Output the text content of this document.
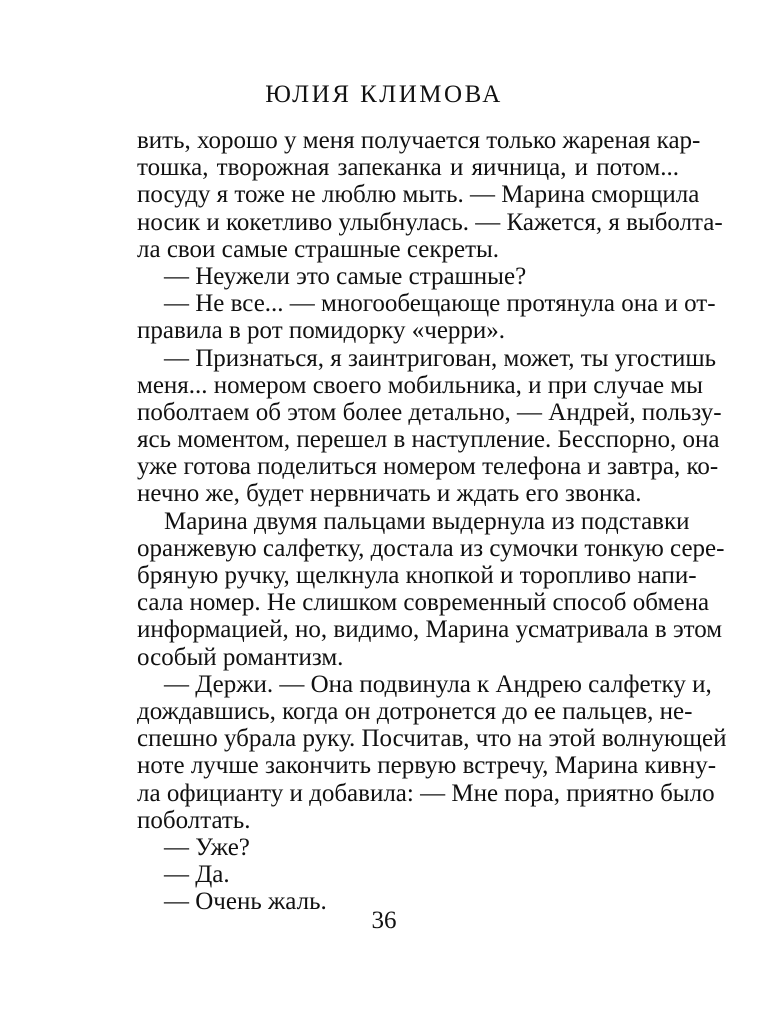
ЮЛИЯ КЛИМОВА
вить, хорошо у меня получается только жареная кар-
тошка, творожная запеканка и яичница, и потом...
посуду я тоже не люблю мыть. — Марина сморщила
носик и кокетливо улыбнулась. — Кажется, я выболта-
ла свои самые страшные секреты.
— Неужели это самые страшные?
— Не все... — многообещающе протянула она и от-
правила в рот помидорку «черри».
— Признаться, я заинтригован, может, ты угостишь
меня... номером своего мобильника, и при случае мы
поболтаем об этом более детально, — Андрей, пользу-
ясь моментом, перешел в наступление. Бесспорно, она
уже готова поделиться номером телефона и завтра, ко-
нечно же, будет нервничать и ждать его звонка.
Марина двумя пальцами выдернула из подставки
оранжевую салфетку, достала из сумочки тонкую сере-
бряную ручку, щелкнула кнопкой и торопливо напи-
сала номер. Не слишком современный способ обмена
информацией, но, видимо, Марина усматривала в этом
особый романтизм.
— Держи. — Она подвинула к Андрею салфетку и,
дождавшись, когда он дотронется до ее пальцев, не-
спешно убрала руку. Посчитав, что на этой волнующей
ноте лучше закончить первую встречу, Марина кивну-
ла официанту и добавила: — Мне пора, приятно было
поболтать.
— Уже?
— Да.
— Очень жаль.
36
